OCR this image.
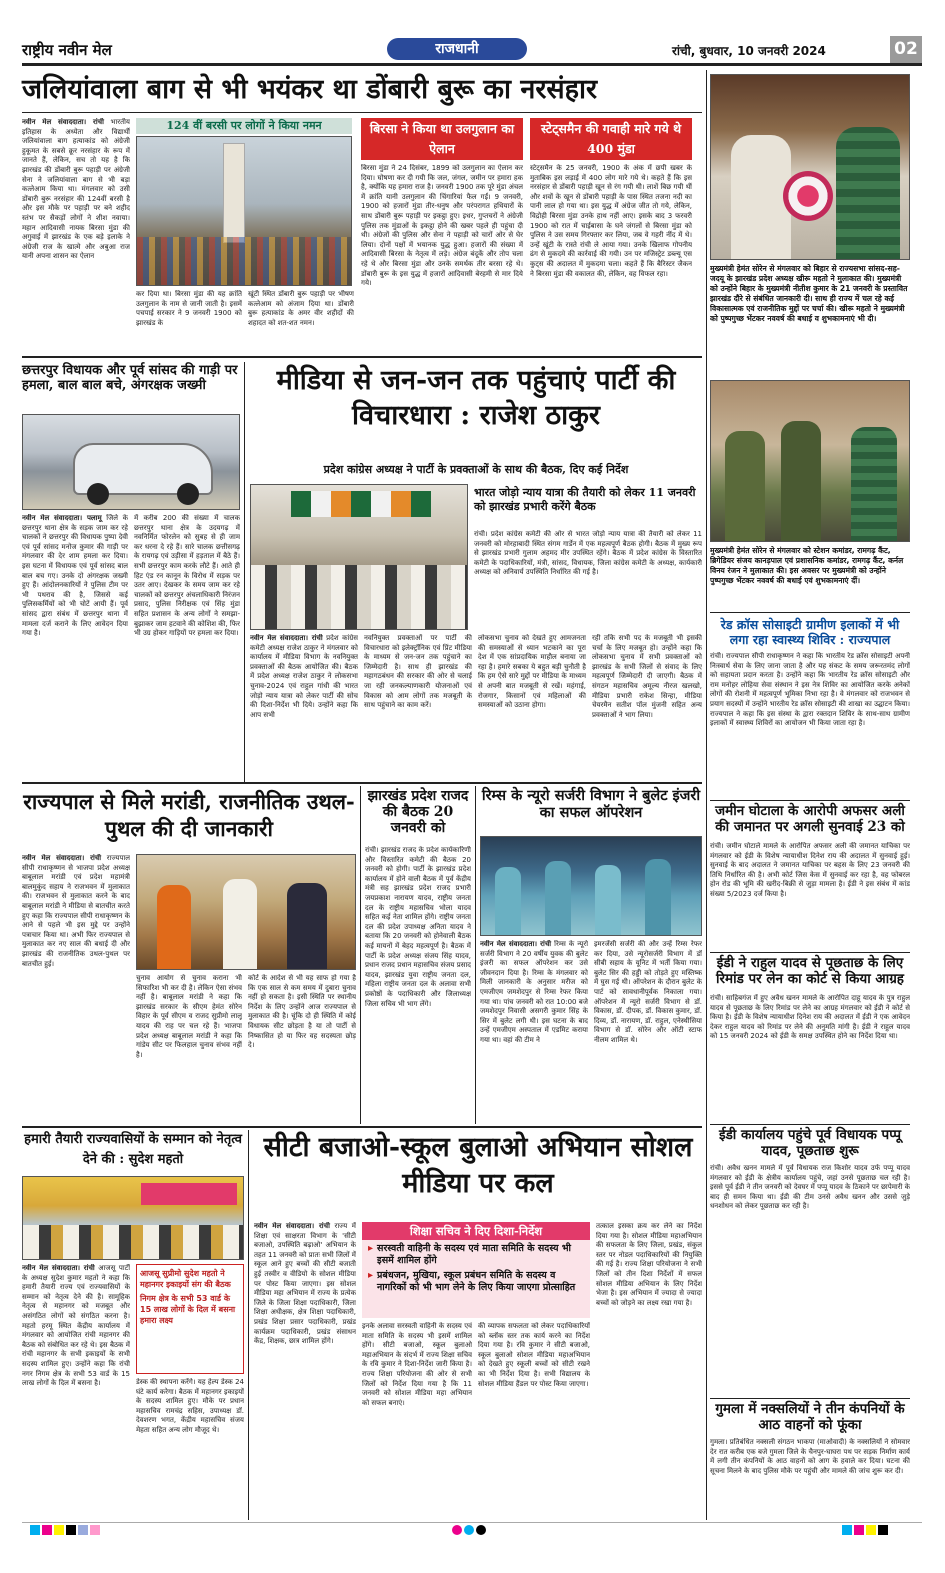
राष्ट्रीय नवीन मेल	राजधानी	रांची, बुधवार, 10 जनवरी 2024	02
जलियांवाला बाग से भी भयंकर था डोंबारी बुरू का नरसंहार
नवीन मेल संवाददाता। रांची भारतीय इतिहास के अध्येता और विद्यार्थी जलियांवाला बाग हत्याकांड को अंग्रेजी हुकूमत के सबसे क्रूर नरसंहार के रूप में जानते हैं, लेकिन, सच तो यह है कि झारखंड की डोंबारी बुरू पहाड़ी पर अंग्रेजी सेना ने जलियांवाला बाग से भी बड़ा कत्लेआम किया था। मंगलवार को उसी डोंबारी बुरू नरसंहार की 124वीं बरसी है और इस मौके पर पहाड़ी पर बने शहीद स्तंभ पर सैकड़ों लोगों ने शीश नवाया। महान आदिवासी नायक बिरसा मुंडा की अगुवाई में झारखंड के एक बड़े इलाके ने अंग्रेजी राज के खात्मे और अबुआ राज यानी अपना शासन का ऐलान
124 वीं बरसी पर लोगों ने किया नमन
कर दिया था। बिरसा मुंडा की यह क्रांति उलगुलान के नाम से जानी जाती है। इसमें पचपाई सरकार ने 9 जनवरी 1900 को झारखंड के
खूंटी स्थित डोंबारी बुरू पहाड़ी पर भीषण कत्लेआम को अंजाम दिया था। डोंबारी बुरू हत्याकांड के अमर वीर शहीदों की शहादत को शत-शत नमन।
बिरसा ने किया था उलगुलान का ऐलान
बिरसा मुंडा ने 24 दिसंबर, 1899 को उलगुलान का ऐलान कर दिया। घोषणा कर दी गयी कि जल, जंगल, जमीन पर हमारा हक है, क्योंकि यह हमारा राज है। जनवरी 1900 तक पूरे मुंडा अंचल में क्रांति यानी उलगुलान की चिंगारियां फैल गईं। 9 जनवरी, 1900 को हजारों मुंडा तीर-धनुष और परंपरागत हथियारों के साथ डोंबारी बुरू पहाड़ी पर इकट्ठा हुए। इधर, गुप्तचरों ने अंग्रेजी पुलिस तक मुंडाओं के इकट्ठा होने की खबर पहले ही पहुंचा दी थी। अंग्रेजों की पुलिस और सेना ने पहाड़ी को चारों ओर से घेर लिया। दोनों पक्षों में भयानक युद्ध हुआ। हजारों की संख्या में आदिवासी बिरसा के नेतृत्व में लड़े। अंग्रेज बंदूकें और तोप चला रहे थे और बिरसा मुंडा और उनके समर्थक तीर बरसा रहे थे। डोंबारी बुरू के इस युद्ध में हजारों आदिवासी बेरहमी से मार दिये गये।
स्टेट्समैन की गवाही मारे गये थे 400 मुंडा
स्टेट्समैन के 25 जनवरी, 1900 के अंक में छपी खबर के मुताबिक इस लड़ाई में 400 लोग मारे गये थे। कहते हैं कि इस नरसंहार से डोंबारी पहाड़ी खून से रंग गयी थी। लाशें बिछ गयी थीं और शवों के खून से डोंबारी पहाड़ी के पास स्थित तजना नदी का पानी लाल हो गया था। इस युद्ध में अंग्रेज जीत तो गये, लेकिन, विद्रोही बिरसा मुंडा उनके हाथ नहीं आए। इसके बाद 3 फरवरी 1900 को रात में चाईबासा के घने जंगलों से बिरसा मुंडा को पुलिस ने उस समय गिरफ्तार कर लिया, जब वे गहरी नींद में थे। उन्हें खूंटी के रास्ते रांची ले आया गया। उनके खिलाफ गोपनीय ढंग से मुकदमे की कार्रवाई की गयी। उन पर मजिस्ट्रेट डब्ल्यू एस कुट्स की अदालत में मुकदमा चला। कहते हैं कि बैरिस्टर जैकन ने बिरसा मुंडा की वकालत की, लेकिन, वह विफल रहा।
मुख्यमंत्री हेमंत सोरेन से मंगलवार को बिहार से राज्यसभा सांसद-सह-जदयू के झारखंड प्रदेश अध्यक्ष खीरू महतो ने मुलाकात की। मुख्यमंत्री को उन्होंने बिहार के मुख्यमंत्री नीतीश कुमार के 21 जनवरी के प्रस्तावित झारखंड दौरे से संबंधित जानकारी दी। साथ ही राज्य में चल रहे कई विकासात्मक एवं राजनीतिक मुद्दों पर चर्चा की। खीरू महतो ने मुख्यमंत्री को पुष्पगुच्छ भेंटकर नववर्ष की बधाई व शुभकामनाएं भी दी।
मुख्यमंत्री हेमंत सोरेन से मंगलवार को स्टेशन कमांडर, रामगढ़ कैंट, ब्रिगेडियर संजय कानड़पाल एवं प्रशासनिक कमांडर, रामगढ़ कैंट, कर्नल विनय रंजन ने मुलाकात की। इस अवसर पर मुख्यमंत्री को उन्होंने पुष्पगुच्छ भेंटकर नववर्ष की बधाई एवं शुभकामनाएं दीं।
रेड क्रॉस सोसाइटी ग्रामीण इलाकों में भी लगा रहा स्वास्थ्य शिविर : राज्यपाल
रांची। राज्यपाल सीपी राधाकृष्णन ने कहा कि भारतीय रेड क्रॉस सोसाइटी अपनी निःस्वार्थ सेवा के लिए जाना जाता है और यह संकट के समय जरूरतमंद लोगों को सहायता प्रदान करता है। उन्होंने कहा कि भारतीय रेड क्रॉस सोसाइटी और राम मनोहर लोहिया सेवा संस्थान ने इस नेत्र शिविर का आयोजित करके अनेकों लोगों की रोशनी में महत्वपूर्ण भूमिका निभा रहा है। वे मंगलवार को राजभवन से प्रयाग सदस्यों में उन्होंने भारतीय रेड क्रॉस सोसाइटी की शाखा का उद्घाटन किया। राज्यपाल ने कहा कि इस संस्था के द्वारा रक्तदान शिविर के साथ-साथ ग्रामीण इलाकों में स्वास्थ्य शिविरों का आयोजन भी किया जाता रहा है।
जमीन घोटाला के आरोपी अफसर अली की जमानत पर अगली सुनवाई 23 को
रांची। जमीन घोटाले मामले के आरोपित अफसर अली की जमानत याचिका पर मंगलवार को ईडी के विशेष न्यायाधीश दिनेश राय की अदालत में सुनवाई हुई। सुनवाई के बाद अदालत ने जमानत याचिका पर बहस के लिए 23 जनवरी की तिथि निर्धारित की है। अभी कोर्ट जिस केस में सुनवाई कर रहा है, वह फोबरल होन रोड की भूमि की खरीद-बिक्री से जुड़ा मामला है। ईडी ने इस संबंध में कांड संख्या 5/2023 दर्ज किया है।
ईडी ने राहुल यादव से पूछताछ के लिए रिमांड पर लेन का कोर्ट से किया आग्रह
रांची। साहिबगंज में हुए अवैध खनन मामले के आरोपित दाहू यादव के पुत्र राहुल यादव से पूछताछ के लिए रिमांड पर लेने का आग्रह मंगलवार को ईडी ने कोर्ट से किया है। ईडी के विशेष न्यायाधीश दिनेश राय की अदालत में ईडी ने एक आवेदन देकर राहुल यादव को रिमांड पर लेने की अनुमति मांगी है। ईडी ने राहुल यादव को 15 जनवरी 2024 को ईडी के समक्ष उपस्थित होने का निर्देश दिया था।
ईडी कार्यालय पहुंचे पूर्व विधायक पप्पू यादव, पूछताछ शुरू
रांची। अवैध खनन मामले में पूर्व विधायक राज किशोर यादव उर्फ पप्पू यादव मंगलवार को ईडी के क्षेत्रीय कार्यालय पहुंचे, जहां उनसे पूछताछ चल रही है। इससे पूर्व ईडी ने तीन जनवरी को देवघर में पप्पू यादव के ठिकाने पर छापेमारी के बाद ही समन किया था। ईडी की टीम उनसे अवैध खनन और उससे जुड़े धनशोधन को लेकर पूछताछ कर रही है।
गुमला में नक्सलियों ने तीन कंपनियों के आठ वाहनों को फूंका
गुमला। प्रतिबंधित नक्सली संगठन भाकपा (माओवादी) के नक्सलियों ने सोमवार देर रात करीब एक बजे गुमला जिले के चैनपुर-घाघरा पथ पर सड़क निर्माण कार्य में लगी तीन कंपनियों के आठ वाहनों को आग के हवाले कर दिया। घटना की सूचना मिलने के बाद पुलिस मौके पर पहुंची और मामले की जांच शुरू कर दी।
छत्तरपुर विधायक और पूर्व सांसद की गाड़ी पर हमला, बाल बाल बचे, अंगरक्षक जख्मी
नवीन मेल संवाददाता। पलामू जिले के छत्तरपुर थाना क्षेत्र के सड़क जाम कर रहे चालकों ने छत्तरपुर की विधायक पुष्पा देवी एवं पूर्व सांसद मनोज कुमार की गाड़ी पर मंगलवार की देर शाम हमला कर दिया। इस घटना में विधायक एवं पूर्व सांसद बाल बाल बच गए। उनके दो अंगरक्षक जख्मी हुए हैं। आंदोलनकारियों ने पुलिस टीम पर भी पथराव की है, जिससे कई पुलिसकर्मियों को भी चोटें आयी हैं। पूर्व सांसद द्वारा संबंध में छत्तरपुर थाना में मामला दर्ज कराने के लिए आवेदन दिया गया है।
में करीब 200 की संख्या में चालक छत्तरपुर थाना क्षेत्र के उदयगढ़ में नवनिर्मित फोरलेन को सुबह से ही जाम कर धरना दे रहे हैं। सारे चालक छत्तीसगढ़ के रायगढ़ एवं उड़ीसा में हड़ताल में बैठे हैं। सभी छत्तरपुर काम करके लौटे हैं। आते ही हिट एंड रन कानून के विरोध में सड़क पर उतर आए। देखकर के समय जाम कर रहे चालकों को छत्तरपुर अंचलाधिकारी निरंजन प्रसाद, पुलिस निरीक्षक एवं सिंह मुंडा सहित प्रशासन के अन्य लोगों ने समझा-बुझाकर जाम हटवाने की कोशिश की, फिर भी उग्र होकर गाड़ियों पर हमला कर दिया।
मीडिया से जन-जन तक पहुंचाएं पार्टी की विचारधारा : राजेश ठाकुर
प्रदेश कांग्रेस अध्यक्ष ने पार्टी के प्रवक्ताओं के साथ की बैठक, दिए कई निर्देश
भारत जोड़ो न्याय यात्रा की तैयारी को लेकर 11 जनवरी को झारखंड प्रभारी करेंगे बैठक
रांची। प्रदेश कांग्रेस कमेटी की ओर से भारत जोड़ो न्याय यात्रा की तैयारी को लेकर 11 जनवरी को मोरहाबादी स्थित संगम गार्डेन में एक महत्वपूर्ण बैठक होगी। बैठक में मुख्य रूप से झारखंड प्रभारी गुलाम अहमद मीर उपस्थित रहेंगे। बैठक में प्रदेश कांग्रेस के विस्तारित कमेटी के पदाधिकारियों, मंत्री, सांसद, विधायक, जिला कांग्रेस कमेटी के अध्यक्ष, कार्यकारी अध्यक्ष को अनिवार्य उपस्थिति निर्धारित की गई है।
नवीन मेल संवाददाता। रांची प्रदेश कांग्रेस कमेटी अध्यक्ष राजेश ठाकुर ने मंगलवार को कार्यालय में मीडिया विभाग के नवनियुक्त प्रवक्ताओं की बैठक आयोजित की। बैठक में प्रदेश अध्यक्ष राजेश ठाकुर ने लोकसभा चुनाव-2024 एवं राहुल गांधी की भारत जोड़ो न्याय यात्रा को लेकर पार्टी की सोच की दिशा-निर्देश भी दिये। उन्होंने कहा कि आप सभी
नवनियुक्त प्रवक्ताओं पर पार्टी की विचारधारा को इलेक्ट्रॉनिक एवं प्रिंट मीडिया के माध्यम से जन-जन तक पहुंचाने का जिम्मेदारी है। साथ ही झारखंड की महागठबंधन की सरकार की ओर से चलाई जा रही जनकल्याणकारी योजनाओं एवं विकास को आम लोगों तक मजबूती के साथ पहुंचाने का काम करें।
लोकसभा चुनाव को देखते हुए आमजनता की समस्याओं से ध्यान भटकाने का पूरा देश में एक सांप्रदायिक माहौल बनाया जा रहा है। हमारे सबका ये बहुत बड़ी चुनौती है कि हम ऐसे सारे मुद्दों पर मीडिया के माध्यम से अपनी बात मजबूती से रखें। महंगाई, रोजगार, किसानों एवं महिलाओं की समस्याओं को उठाना होगा।
रही तकि सभी पद के मजबूती भी इसकी चर्चा के लिए मजबूत हो। उन्होंने कहा कि लोकसभा चुनाव में सभी प्रवक्ताओं को झारखंड के सभी जिलों से संवाद के लिए महत्वपूर्ण जिम्मेदारी दी जाएगी। बैठक में संगठन महासचिव अमूल्य नीरज खलखो, मीडिया प्रभारी राकेश सिन्हा, मीडिया चेयरमैन सतीश पॉल मुंजनी सहित अन्य प्रवक्ताओं ने भाग लिया।
राज्यपाल से मिले मरांडी, राजनीतिक उथल-पुथल की दी जानकारी
नवीन मेल संवाददाता। रांची राज्यपाल सीपी राधाकृष्णन से भाजपा प्रदेश अध्यक्ष बाबूलाल मरांडी एवं प्रदेश महामंत्री बालमुकुंद सहाय ने राजभवन में मुलाकात की। राजभवन से मुलाकात करने के बाद बाबूलाल मरांडी ने मीडिया से बातचीत करते हुए कहा कि राज्यपाल सीपी राधाकृष्णन के आने से पहले भी इस मुद्दे पर उन्होंने पत्राचार किया था। अभी फिर राज्यपाल से मुलाकात कर नए साल की बधाई दी और झारखंड की राजनीतिक उथल-पुथल पर बातचीत हुई।
चुनाव आयोग से चुनाव कराना भी सिफारिश भी कर दी है। लेकिन ऐसा संभव नहीं है। बाबूलाल मरांडी ने कहा कि झारखंड सरकार के सीएम हेमंत सोरेन विहार के पूर्व सीएम व राजद सुप्रीमो लालू यादव की राह पर चल रहे हैं। भाजपा प्रदेश अध्यक्ष बाबूलाल मरांडी ने कहा कि गांडेय सीट पर फिलहाल चुनाव संभव नहीं है।
कोर्ट के आदेश से भी यह साफ हो गया है कि एक साल से कम समय में दुबारा चुनाव नहीं हो सकता है। इसी स्थिति पर स्थानीय निर्देश के लिए उन्होंने आज राज्यपाल से मुलाकात की है। चूंकि दो ही स्थिति में कोई विधायक सीट छोड़ता है या तो पार्टी से निष्कासित हो या फिर वह सदस्यता छोड़ दे।
झारखंड प्रदेश राजद की बैठक 20 जनवरी को
रांची। झारखंड राजद के प्रदेश कार्यकारिणी और विस्तारित कमेटी की बैठक 20 जनवरी को होगी। पार्टी के झारखंड प्रदेश कार्यालय में होने वाली बैठक में पूर्व केंद्रीय मंत्री सह झारखंड प्रदेश राजद प्रभारी जयप्रकाश नारायण यादव, राष्ट्रीय जनता दल के राष्ट्रीय महासचिव भोला यादव सहित कई नेता शामिल होंगे। राष्ट्रीय जनता दल की प्रदेश उपाध्यक्ष अनिता यादव ने बताया कि 20 जनवरी को होनेवाली बैठक कई मायनों में बेहद महत्वपूर्ण है। बैठक में पार्टी के प्रदेश अध्यक्ष संजय सिंह यादव, प्रधान राजद प्रधान महासचिव संजय प्रसाद यादव, झारखंड युवा राष्ट्रीय जनता दल, महिला राष्ट्रीय जनता दल के अलावा सभी प्रकोष्ठों के पदाधिकारी और जिलाध्यक्ष जिला सचिव भी भाग लेंगे।
रिम्स के न्यूरो सर्जरी विभाग ने बुलेट इंजरी का सफल ऑपरेशन
नवीन मेल संवाददाता। रांची रिम्स के न्यूरो सर्जरी विभाग ने 20 वर्षीय युवक की बुलेट इंजरी का सफल ऑपरेशन कर उसे जीवनदान दिया है। रिम्स के मंगलवार को मिली जानकारी के अनुसार मरीज को एमजीएम जमशेदपुर से रिम्स रेफर किया गया था। पांच जनवरी को रात 10:00 बजे जमशेदपुर निवासी असगरी कुमार सिंह के सिर में बुलेट लगी थी। इस घटना के बाद उन्हें एमजीएम अस्पताल में एडमिट कराया गया था। वहां की टीम ने
इमरजेंसी सर्जरी की और उन्हें रिम्स रेफर कर दिया, उसे न्यूरोसर्जरी विभाग में डॉ सीबी सहाय के यूनिट में भर्ती किया गया। बुलेट सिर की हड्डी को तोड़ते हुए मस्तिष्क में घुस गई थी। ऑपरेशन के दौरान बुलेट के पार्ट को सावधानीपूर्वक निकाला गया। ऑपरेशन में न्यूरो सर्जरी विभाग से डॉ. विकास, डॉ. दीपक, डॉ. विकास कुमार, डॉ. दिव्य, डॉ. नारायण, डॉ. राहुल, एनेस्थीसिया विभाग से डॉ. सोरेन और ऑटी स्टाफ नीलम शामिल थे।
हमारी तैयारी राज्यवासियों के सम्मान को नेतृत्व देने की : सुदेश महतो
नवीन मेल संवाददाता। रांची आजसू पार्टी के अध्यक्ष सुदेश कुमार महतो ने कहा कि हमारी तैयारी राज्य एवं राज्यवासियों के सम्मान को नेतृत्व देने की है। सामूहिक नेतृत्व से महानगर को मजबूत और असंगठित लोगों को संगठित करना है। महतो हरमू स्थित केंद्रीय कार्यालय में मंगलवार को आयोजित रांची महानगर की बैठक को संबोधित कर रहे थे। इस बैठक में रांची महानगर के सभी इकाइयों के सभी सदस्य शामिल हुए। उन्होंने कहा कि रांची नगर निगम क्षेत्र के सभी 53 वार्ड के 15 लाख लोगों के दिल में बसना है।
आजसू सुप्रीमो सुदेश महतो ने महानगर इकाइयों संग की बैठक
निगम क्षेत्र के सभी 53 वार्ड के 15 लाख लोगों के दिल में बसना हमारा लक्ष्य
डेस्क की स्थापना करेंगे। यह हेल्प डेस्क 24 घंटे कार्य करेगा। बैठक में महानगर इकाइयों के सदस्य शामिल हुए। मौके पर प्रधान महासचिव रामचंद्र सहिस, उपाध्यक्ष डॉ. देवशरण भगत, केंद्रीय महासचिव संजय मेहता सहित अन्य लोग मौजूद थे।
सीटी बजाओ-स्कूल बुलाओ अभियान सोशल मीडिया पर कल
नवीन मेल संवाददाता। रांची राज्य में शिक्षा एवं साक्षरता विभाग के 'सीटी बजाओ, उपस्थिति बढ़ाओ' अभियान के तहत 11 जनवरी को प्रातः सभी जिलों में स्कूल आने हुए बच्चों की सीटी बजाती हुई तस्वीर व वीडियो के सोशल मीडिया पर पोस्ट किया जाएगा। इस सोशल मीडिया महा अभियान में राज्य के प्रत्येक जिले के जिला शिक्षा पदाधिकारी, जिला शिक्षा अधीक्षक, क्षेत्र शिक्षा पदाधिकारी, प्रखंड शिक्षा प्रसार पदाधिकारी, प्रखंड कार्यक्रम पदाधिकारी, प्रखंड संसाधन केंद्र, शिक्षक, छात्र शामिल होंगे।
शिक्षा सचिव ने दिए दिशा-निर्देश
▸ सरस्वती वाहिनी के सदस्य एवं माता समिति के सदस्य भी इसमें शामिल होंगे
▸ प्रबंधजन, मुखिया, स्कूल प्रबंधन समिति के सदस्य व नागरिकों को भी भाग लेने के लिए किया जाएगा प्रोत्साहित
इनके अलावा सरस्वती वाहिनी के सदस्य एवं माता समिति के सदस्य भी इसमें शामिल होंगे। सीटी बजाओ, स्कूल बुलाओ महाअभियान के संदर्भ में राज्य शिक्षा सचिव के रवि कुमार ने दिशा-निर्देश जारी किया है। राज्य शिक्षा परियोजना की ओर से सभी जिलों को निर्देश दिया गया है कि 11 जनवरी को सोशल मीडिया महा अभियान को सफल बनाएं।
की व्यापक सफलता को लेकर पदाधिकारियों को ब्लॉक स्तर तक कार्य करने का निर्देश दिया गया है। रवि कुमार ने सीटी बजाओ, स्कूल बुलाओ सोशल मीडिया महाअभियान को देखते हुए स्कूली बच्चों को सीटी रखने का भी निर्देश दिया है। सभी विद्यालय के सोशल मीडिया हैंडल पर पोस्ट किया जाएगा।
तत्काल इसका क्रय कर लेने का निर्देश दिया गया है। सोशल मीडिया महाअभियान की सफलता के लिए जिला, प्रखंड, संकुल स्तर पर नोडल पदाधिकारियों की नियुक्ति की गई है। राज्य शिक्षा परियोजना ने सभी जिलों को तीन दिशा निर्देशों में सफल सोशल मीडिया अभियान के लिए निर्देश भेजा है। इस अभियान में ज्यादा से ज्यादा बच्चों को जोड़ने का लक्ष्य रखा गया है।
